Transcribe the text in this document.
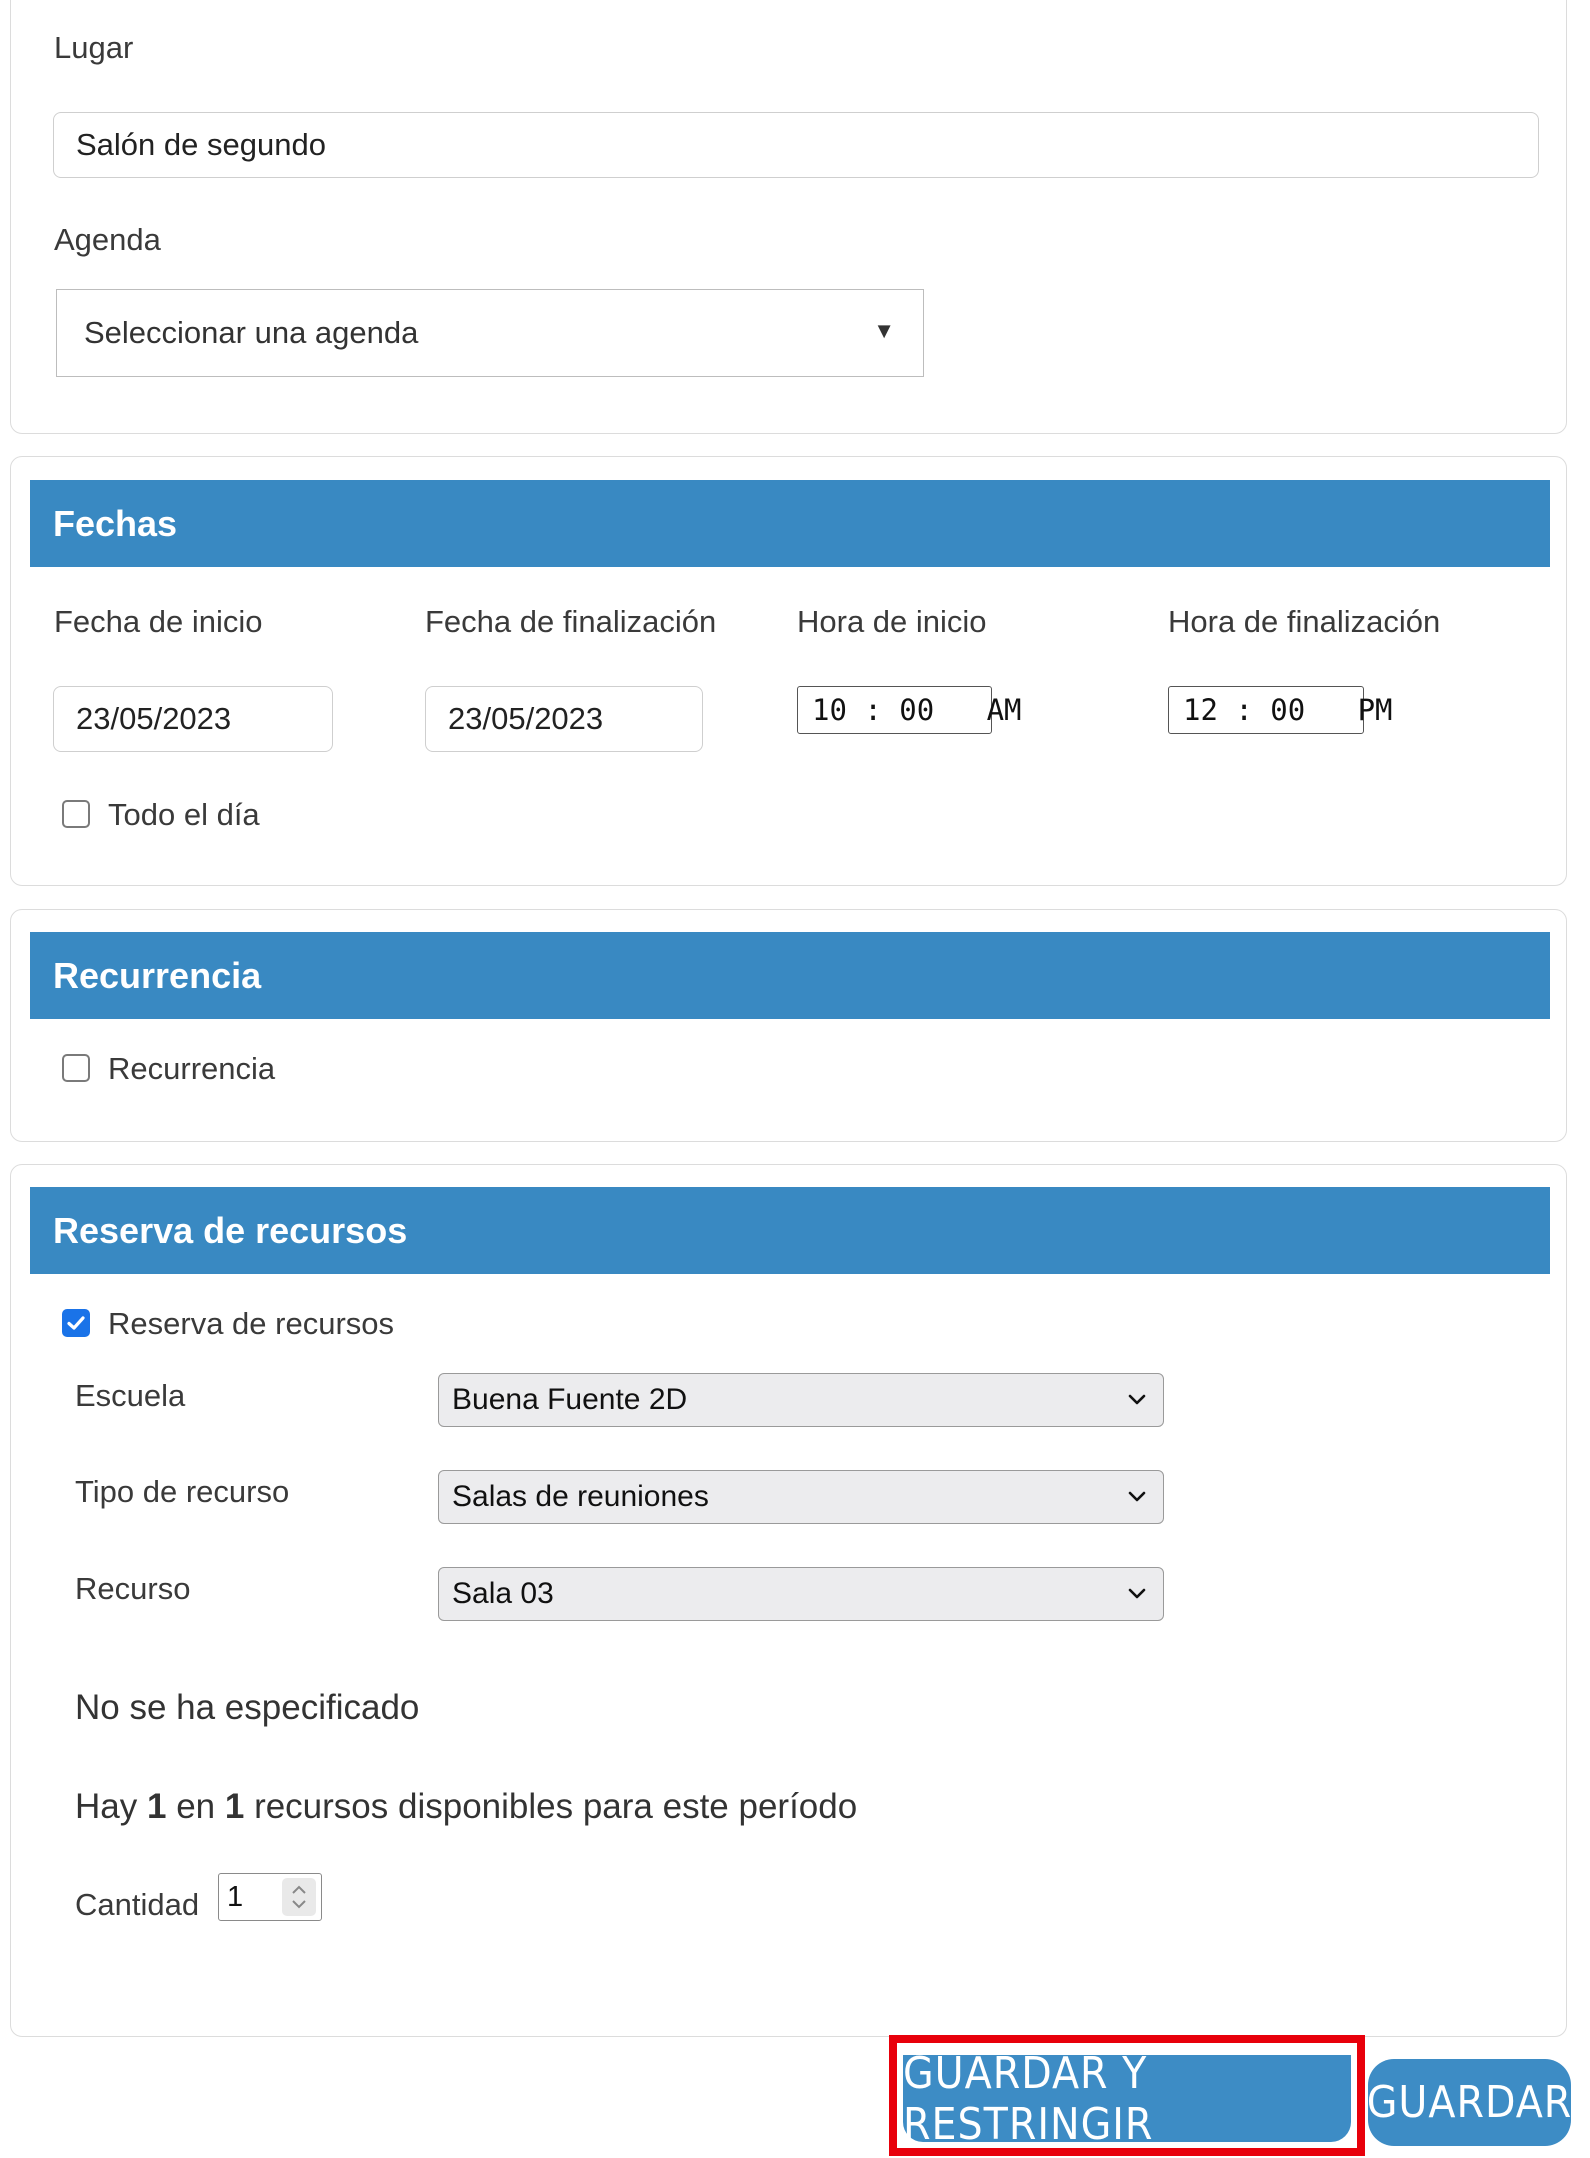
Lugar
Salón de segundo
Agenda
Seleccionar una agenda	▼
Fechas
Fecha de inicio
23/05/2023
Fecha de finalización
23/05/2023
Hora de inicio
10 : 00   AM
Hora de finalización
12 : 00   PM
Todo el día
Recurrencia
Recurrencia
Reserva de recursos
Reserva de recursos
Escuela	Buena Fuente 2D
Tipo de recurso	Salas de reuniones
Recurso	Sala 03
No se ha especificado
Hay 1 en 1 recursos disponibles para este período
Cantidad 1
GUARDAR Y RESTRINGIR	GUARDAR
